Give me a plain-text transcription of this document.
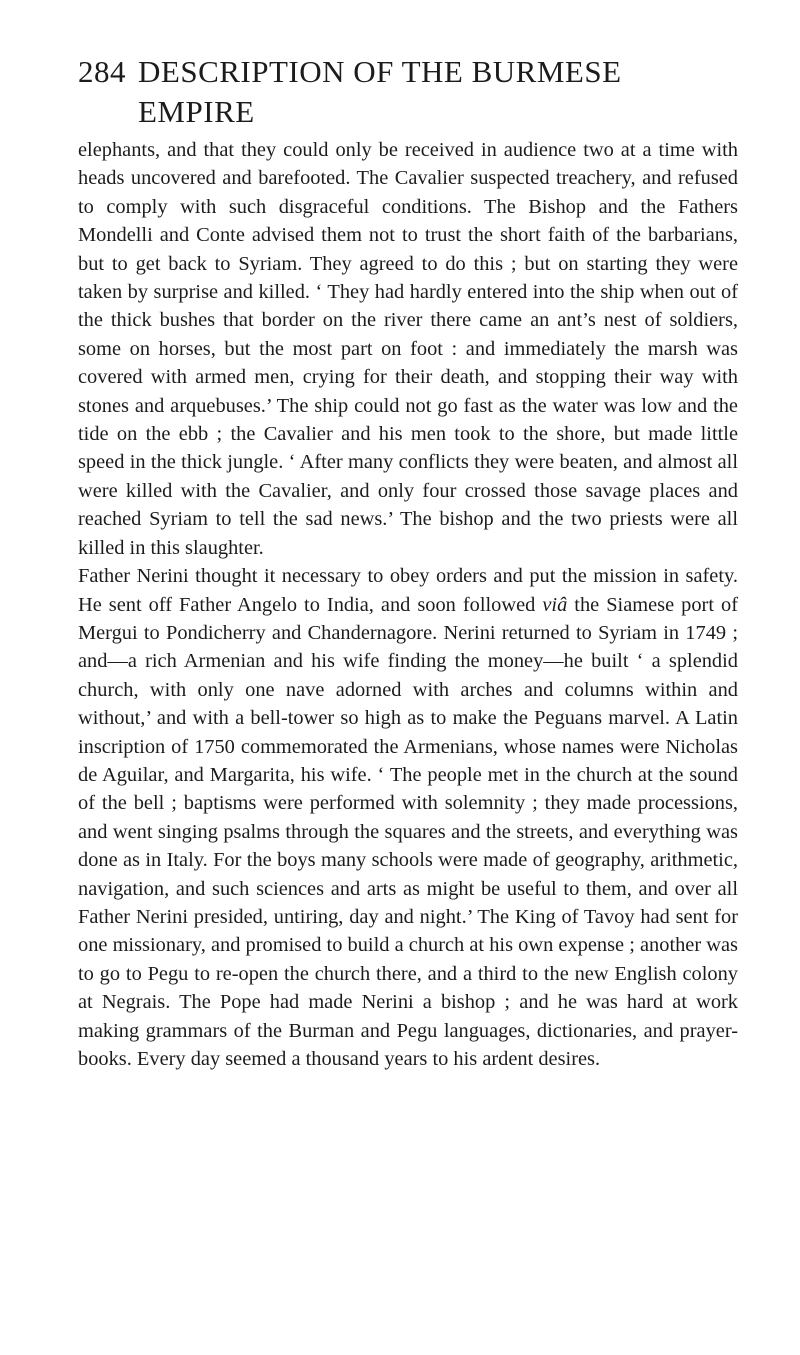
284 DESCRIPTION OF THE BURMESE EMPIRE

elephants, and that they could only be received in audience two at a time with heads uncovered and barefooted. The Cavalier suspected treachery, and refused to comply with such disgraceful conditions. The Bishop and the Fathers Mondelli and Conte advised them not to trust the short faith of the barbarians, but to get back to Syriam. They agreed to do this ; but on starting they were taken by surprise and killed. ‘ They had hardly entered into the ship when out of the thick bushes that border on the river there came an ant’s nest of soldiers, some on horses, but the most part on foot : and immediately the marsh was covered with armed men, crying for their death, and stopping their way with stones and arquebuses.’ The ship could not go fast as the water was low and the tide on the ebb ; the Cavalier and his men took to the shore, but made little speed in the thick jungle. ‘ After many conflicts they were beaten, and almost all were killed with the Cavalier, and only four crossed those savage places and reached Syriam to tell the sad news.’ The bishop and the two priests were all killed in this slaughter.

Father Nerini thought it necessary to obey orders and put the mission in safety. He sent off Father Angelo to India, and soon followed viâ the Siamese port of Mergui to Pondicherry and Chandernagore. Nerini returned to Syriam in 1749 ; and—a rich Armenian and his wife finding the money—he built ‘ a splendid church, with only one nave adorned with arches and columns within and without,’ and with a bell-tower so high as to make the Peguans marvel. A Latin inscription of 1750 commemorated the Armenians, whose names were Nicholas de Aguilar, and Margarita, his wife. ‘ The people met in the church at the sound of the bell ; baptisms were performed with solemnity ; they made processions, and went singing psalms through the squares and the streets, and everything was done as in Italy. For the boys many schools were made of geography, arithmetic, navigation, and such sciences and arts as might be useful to them, and over all Father Nerini presided, untiring, day and night.’ The King of Tavoy had sent for one missionary, and promised to build a church at his own expense ; another was to go to Pegu to re-open the church there, and a third to the new English colony at Negrais. The Pope had made Nerini a bishop ; and he was hard at work making grammars of the Burman and Pegu languages, dictionaries, and prayer-books. Every day seemed a thousand years to his ardent desires.
